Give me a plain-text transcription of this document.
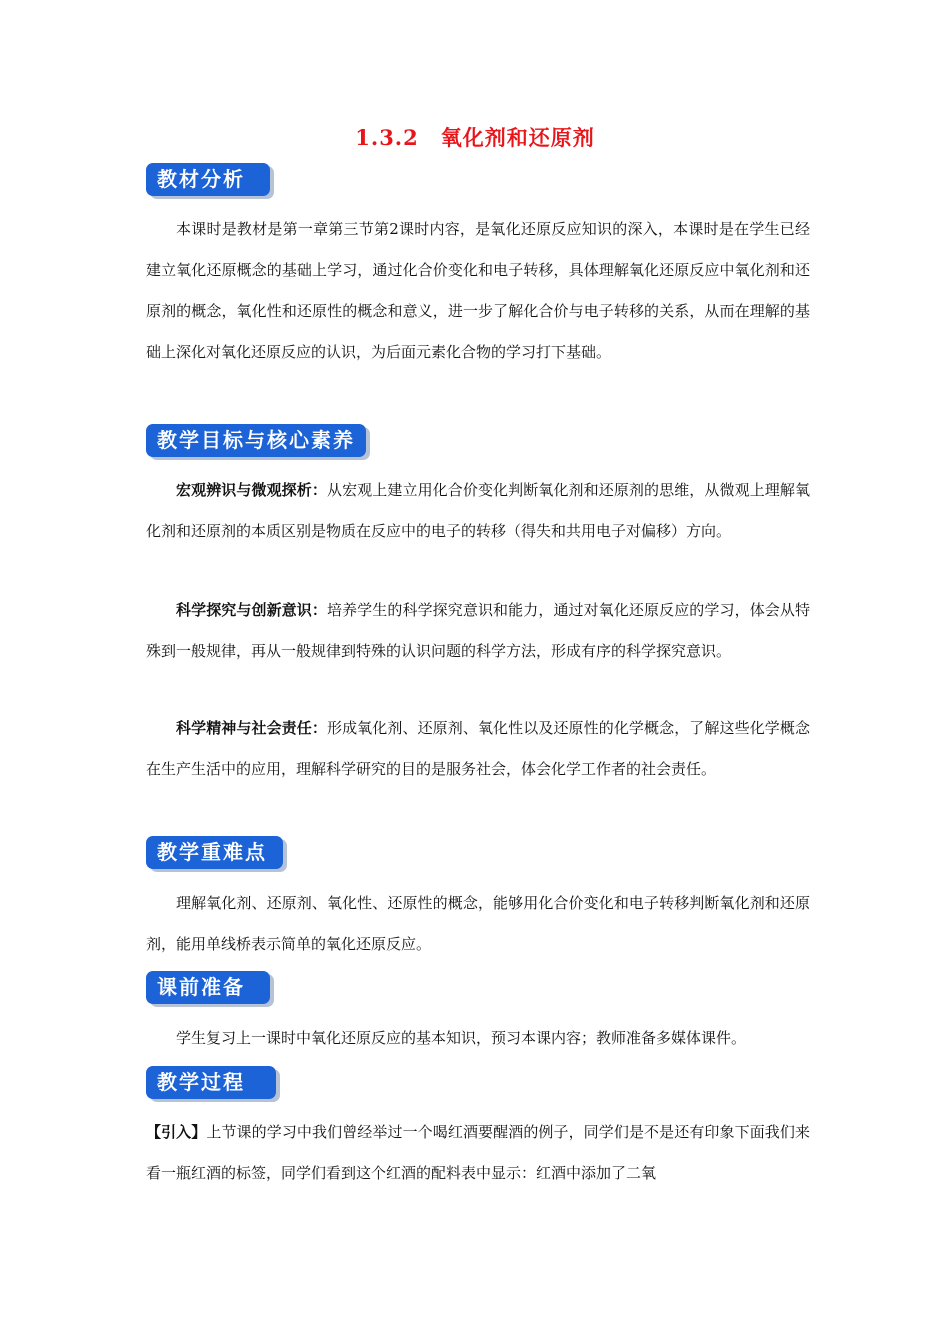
1.3.2　氧化剂和还原剂
教材分析
本课时是教材是第一章第三节第2课时内容，是氧化还原反应知识的深入，本课时是在学生已经建立氧化还原概念的基础上学习，通过化合价变化和电子转移，具体理解氧化还原反应中氧化剂和还原剂的概念，氧化性和还原性的概念和意义，进一步了解化合价与电子转移的关系，从而在理解的基础上深化对氧化还原反应的认识，为后面元素化合物的学习打下基础。
教学目标与核心素养
宏观辨识与微观探析：从宏观上建立用化合价变化判断氧化剂和还原剂的思维，从微观上理解氧化剂和还原剂的本质区别是物质在反应中的电子的转移（得失和共用电子对偏移）方向。
科学探究与创新意识：培养学生的科学探究意识和能力，通过对氧化还原反应的学习，体会从特殊到一般规律，再从一般规律到特殊的认识问题的科学方法，形成有序的科学探究意识。
科学精神与社会责任：形成氧化剂、还原剂、氧化性以及还原性的化学概念，了解这些化学概念在生产生活中的应用，理解科学研究的目的是服务社会，体会化学工作者的社会责任。
教学重难点
理解氧化剂、还原剂、氧化性、还原性的概念，能够用化合价变化和电子转移判断氧化剂和还原剂，能用单线桥表示简单的氧化还原反应。
课前准备
学生复习上一课时中氧化还原反应的基本知识，预习本课内容；教师准备多媒体课件。
教学过程
【引入】上节课的学习中我们曾经举过一个喝红酒要醒酒的例子，同学们是不是还有印象下面我们来看一瓶红酒的标签，同学们看到这个红酒的配料表中显示：红酒中添加了二氧
